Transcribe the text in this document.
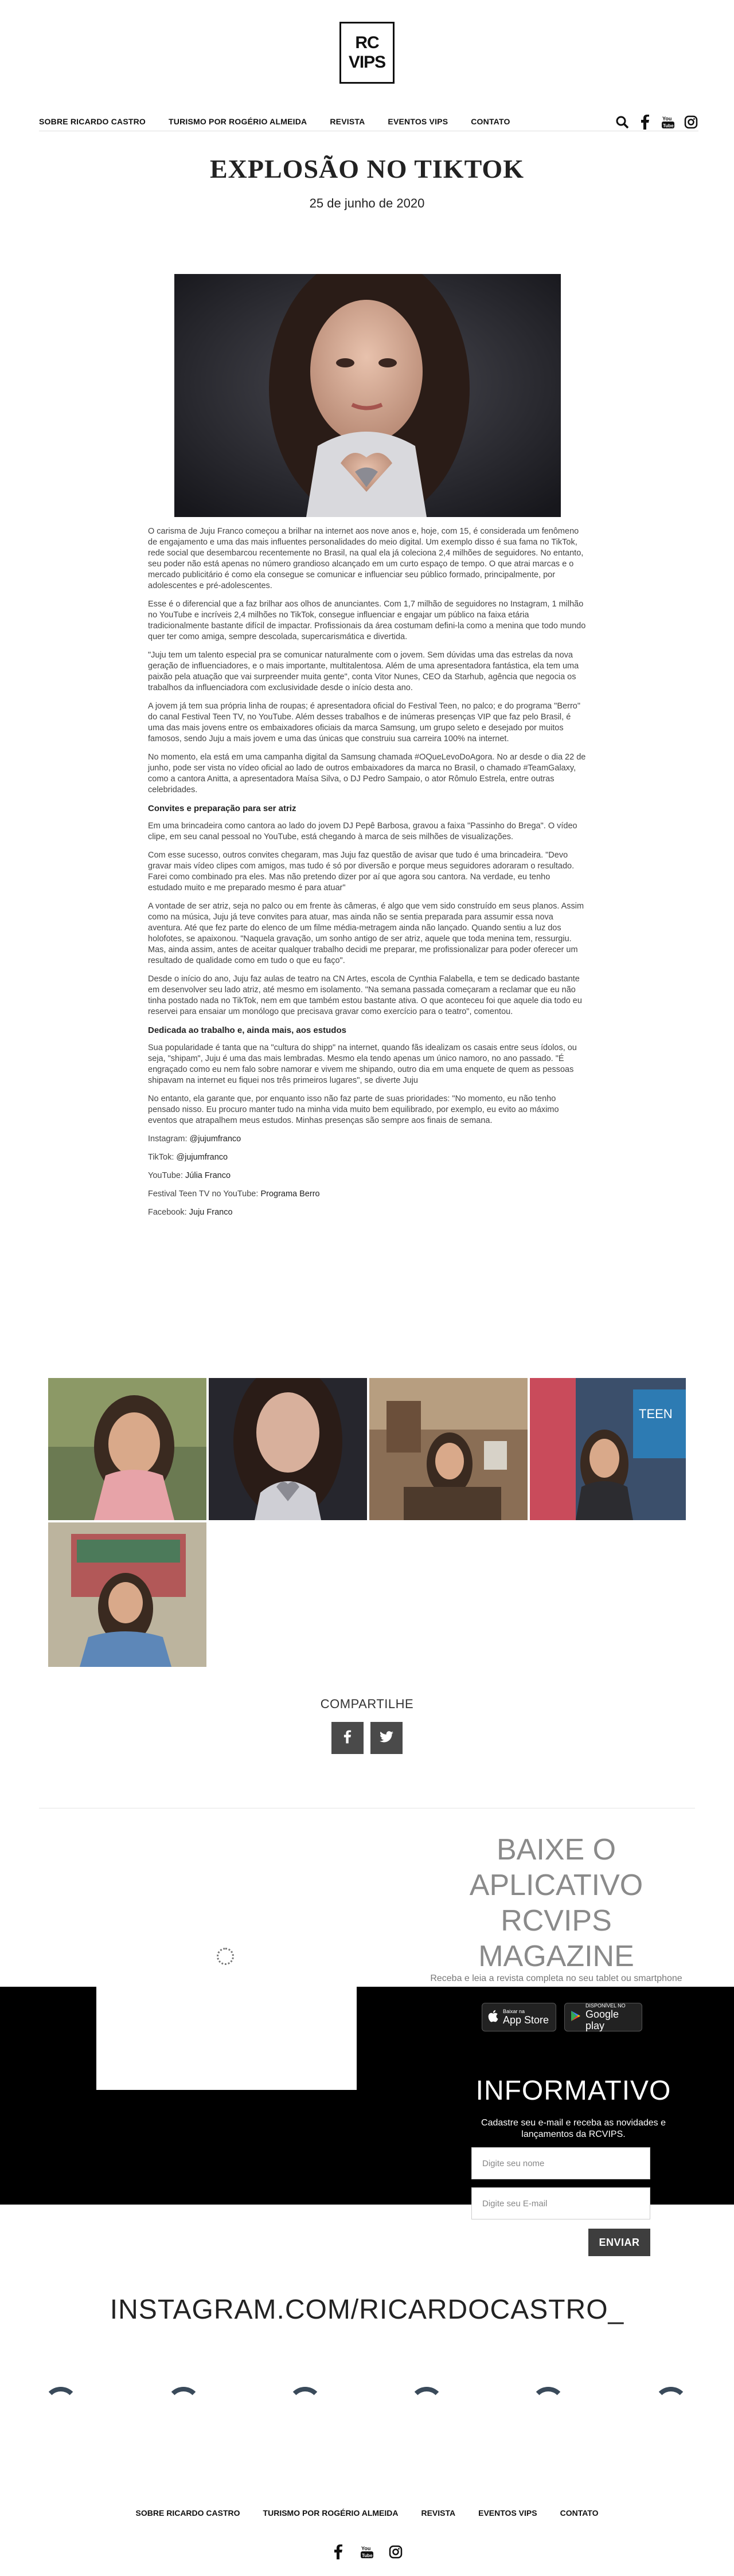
RC
VIPS
SOBRE RICARDO CASTRO	TURISMO POR ROGÉRIO ALMEIDA	REVISTA	EVENTOS VIPS	CONTATO	You
Tube
EXPLOSÃO NO TIKTOK
25 de junho de 2020

O carisma de Juju Franco começou a brilhar na internet aos nove anos e, hoje, com 15, é considerada um fenômeno de engajamento e uma das mais influentes personalidades do meio digital. Um exemplo disso é sua fama no TikTok, rede social que desembarcou recentemente no Brasil, na qual ela já coleciona 2,4 milhões de seguidores. No entanto, seu poder não está apenas no número grandioso alcançado em um curto espaço de tempo. O que atrai marcas e o mercado publicitário é como ela consegue se comunicar e influenciar seu público formado, principalmente, por adolescentes e pré-adolescentes.

Esse é o diferencial que a faz brilhar aos olhos de anunciantes. Com 1,7 milhão de seguidores no Instagram, 1 milhão no YouTube e incríveis 2,4 milhões no TikTok, consegue influenciar e engajar um público na faixa etária tradicionalmente bastante difícil de impactar. Profissionais da área costumam defini-la como a menina que todo mundo quer ter como amiga, sempre descolada, supercarismática e divertida.

"Juju tem um talento especial pra se comunicar naturalmente com o jovem. Sem dúvidas uma das estrelas da nova geração de influenciadores, e o mais importante, multitalentosa. Além de uma apresentadora fantástica, ela tem uma paixão pela atuação que vai surpreender muita gente", conta Vitor Nunes, CEO da Starhub, agência que negocia os trabalhos da influenciadora com exclusividade desde o início desta ano.

A jovem já tem sua própria linha de roupas; é apresentadora oficial do Festival Teen, no palco; e do programa "Berro" do canal Festival Teen TV, no YouTube. Além desses trabalhos e de inúmeras presenças VIP que faz pelo Brasil, é uma das mais jovens entre os embaixadores oficiais da marca Samsung, um grupo seleto e desejado por muitos famosos, sendo Juju a mais jovem e uma das únicas que construiu sua carreira 100% na internet.

No momento, ela está em uma campanha digital da Samsung chamada #OQueLevoDoAgora. No ar desde o dia 22 de junho, pode ser vista no vídeo oficial ao lado de outros embaixadores da marca no Brasil, o chamado #TeamGalaxy, como a cantora Anitta, a apresentadora Maísa Silva, o DJ Pedro Sampaio, o ator Rômulo Estrela, entre outras celebridades.

Convites e preparação para ser atriz

Em uma brincadeira como cantora ao lado do jovem DJ Pepê Barbosa, gravou a faixa "Passinho do Brega". O vídeo clipe, em seu canal pessoal no YouTube, está chegando à marca de seis milhões de visualizações.

Com esse sucesso, outros convites chegaram, mas Juju faz questão de avisar que tudo é uma brincadeira. "Devo gravar mais vídeo clipes com amigos, mas tudo é só por diversão e porque meus seguidores adoraram o resultado. Farei como combinado pra eles. Mas não pretendo dizer por aí que agora sou cantora. Na verdade, eu tenho estudado muito e me preparado mesmo é para atuar"

A vontade de ser atriz, seja no palco ou em frente às câmeras, é algo que vem sido construído em seus planos. Assim como na música, Juju já teve convites para atuar, mas ainda não se sentia preparada para assumir essa nova aventura. Até que fez parte do elenco de um filme média-metragem ainda não lançado. Quando sentiu a luz dos holofotes, se apaixonou. "Naquela gravação, um sonho antigo de ser atriz, aquele que toda menina tem, ressurgiu. Mas, ainda assim, antes de aceitar qualquer trabalho decidi me preparar, me profissionalizar para poder oferecer um resultado de qualidade como em tudo o que eu faço".

Desde o início do ano, Juju faz aulas de teatro na CN Artes, escola de Cynthia Falabella, e tem se dedicado bastante em desenvolver seu lado atriz, até mesmo em isolamento. "Na semana passada começaram a reclamar que eu não tinha postado nada no TikTok, nem em que também estou bastante ativa. O que aconteceu foi que aquele dia todo eu reservei para ensaiar um monólogo que precisava gravar como exercício para o teatro", comentou.

Dedicada ao trabalho e, ainda mais, aos estudos

Sua popularidade é tanta que na "cultura do shipp" na internet, quando fãs idealizam os casais entre seus ídolos, ou seja, "shipam", Juju é uma das mais lembradas. Mesmo ela tendo apenas um único namoro, no ano passado. "É engraçado como eu nem falo sobre namorar e vivem me shipando, outro dia em uma enquete de quem as pessoas shipavam na internet eu fiquei nos três primeiros lugares", se diverte Juju

No entanto, ela garante que, por enquanto isso não faz parte de suas prioridades: "No momento, eu não tenho pensado nisso. Eu procuro manter tudo na minha vida muito bem equilibrado, por exemplo, eu evito ao máximo eventos que atrapalhem meus estudos. Minhas presenças são sempre aos finais de semana.

Instagram: @jujumfranco

TikTok: @jujumfranco

YouTube: Júlia Franco

Festival Teen TV no YouTube: Programa Berro

Facebook: Juju Franco

TEEN
COMPARTILHE
BAIXE O
APLICATIVO
RCVIPS
MAGAZINE
Receba e leia a revista completa no seu tablet ou smartphone
Baixar na
App Store
DISPONÍVEL NO
Google play
INFORMATIVO
Cadastre seu e-mail e receba as novidades e lançamentos da RCVIPS.
Digite seu nome
Digite seu E-mail
ENVIAR
INSTAGRAM.COM/RICARDOCASTRO_
SOBRE RICARDO CASTRO	TURISMO POR ROGÉRIO ALMEIDA	REVISTA	EVENTOS VIPS	CONTATO
You
Tube
